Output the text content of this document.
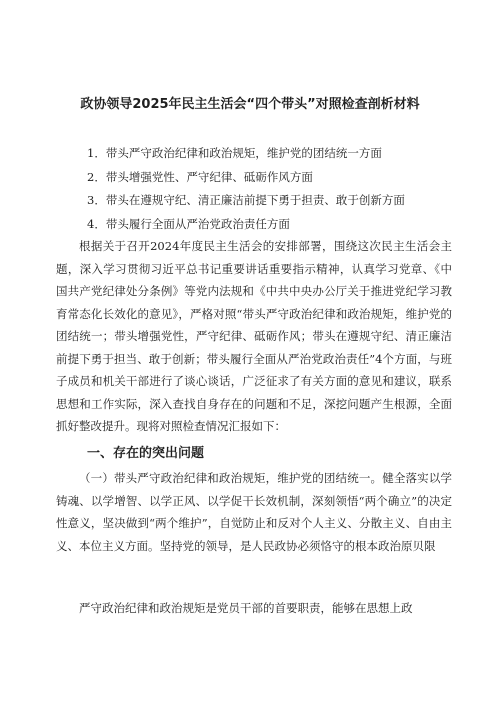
政协领导2025年民主生活会“四个带头”对照检查剖析材料
1．带头严守政治纪律和政治规矩，维护党的团结统一方面
2．带头增强党性、严守纪律、砥砺作风方面
3．带头在遵规守纪、清正廉洁前提下勇于担责、敢于创新方面
4．带头履行全面从严治党政治责任方面
根据关于召开2024年度民主生活会的安排部署，围绕这次民主生活会主题，深入学习贯彻习近平总书记重要讲话重要指示精神，认真学习党章、《中国共产党纪律处分条例》等党内法规和《中共中央办公厅关于推进党纪学习教育常态化长效化的意见》，严格对照“带头严守政治纪律和政治规矩，维护党的团结统一；带头增强党性，严守纪律、砥砺作风；带头在遵规守纪、清正廉洁前提下勇于担当、敢于创新；带头履行全面从严治党政治责任”4个方面，与班子成员和机关干部进行了谈心谈话，广泛征求了有关方面的意见和建议，联系思想和工作实际，深入查找自身存在的问题和不足，深挖问题产生根源，全面抓好整改提升。现将对照检查情况汇报如下：
一、存在的突出问题
（一）带头严守政治纪律和政治规矩，维护党的团结统一。健全落实以学铸魂、以学增智、以学正风、以学促干长效机制，深刻领悟“两个确立”的决定性意义，坚决做到“两个维护”，自觉防止和反对个人主义、分散主义、自由主义、本位主义方面。坚持党的领导，是人民政协必须恪守的根本政治原贝限
严守政治纪律和政治规矩是党员干部的首要职责，能够在思想上政
